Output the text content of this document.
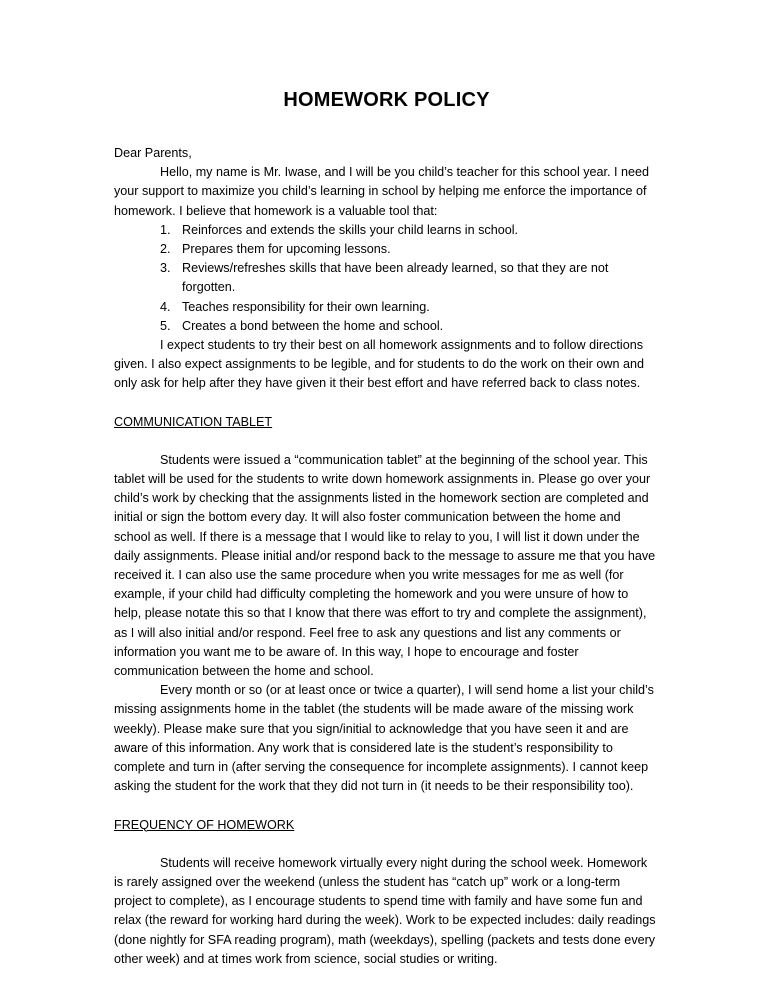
HOMEWORK POLICY

Dear Parents,

Hello, my name is Mr. Iwase, and I will be you child’s teacher for this school year. I need your support to maximize you child’s learning in school by helping me enforce the importance of homework. I believe that homework is a valuable tool that:

1. Reinforces and extends the skills your child learns in school.
2. Prepares them for upcoming lessons.
3. Reviews/refreshes skills that have been already learned, so that they are not forgotten.
4. Teaches responsibility for their own learning.
5. Creates a bond between the home and school.

I expect students to try their best on all homework assignments and to follow directions given. I also expect assignments to be legible, and for students to do the work on their own and only ask for help after they have given it their best effort and have referred back to class notes.

COMMUNICATION TABLET

Students were issued a “communication tablet” at the beginning of the school year. This tablet will be used for the students to write down homework assignments in. Please go over your child’s work by checking that the assignments listed in the homework section are completed and initial or sign the bottom every day. It will also foster communication between the home and school as well. If there is a message that I would like to relay to you, I will list it down under the daily assignments. Please initial and/or respond back to the message to assure me that you have received it. I can also use the same procedure when you write messages for me as well (for example, if your child had difficulty completing the homework and you were unsure of how to help, please notate this so that I know that there was effort to try and complete the assignment), as I will also initial and/or respond. Feel free to ask any questions and list any comments or information you want me to be aware of. In this way, I hope to encourage and foster communication between the home and school.

Every month or so (or at least once or twice a quarter), I will send home a list your child’s missing assignments home in the tablet (the students will be made aware of the missing work weekly). Please make sure that you sign/initial to acknowledge that you have seen it and are aware of this information. Any work that is considered late is the student’s responsibility to complete and turn in (after serving the consequence for incomplete assignments). I cannot keep asking the student for the work that they did not turn in (it needs to be their responsibility too).

FREQUENCY OF HOMEWORK

Students will receive homework virtually every night during the school week. Homework is rarely assigned over the weekend (unless the student has “catch up” work or a long-term project to complete), as I encourage students to spend time with family and have some fun and relax (the reward for working hard during the week). Work to be expected includes: daily readings (done nightly for SFA reading program), math (weekdays), spelling (packets and tests done every other week) and at times work from science, social studies or writing.
